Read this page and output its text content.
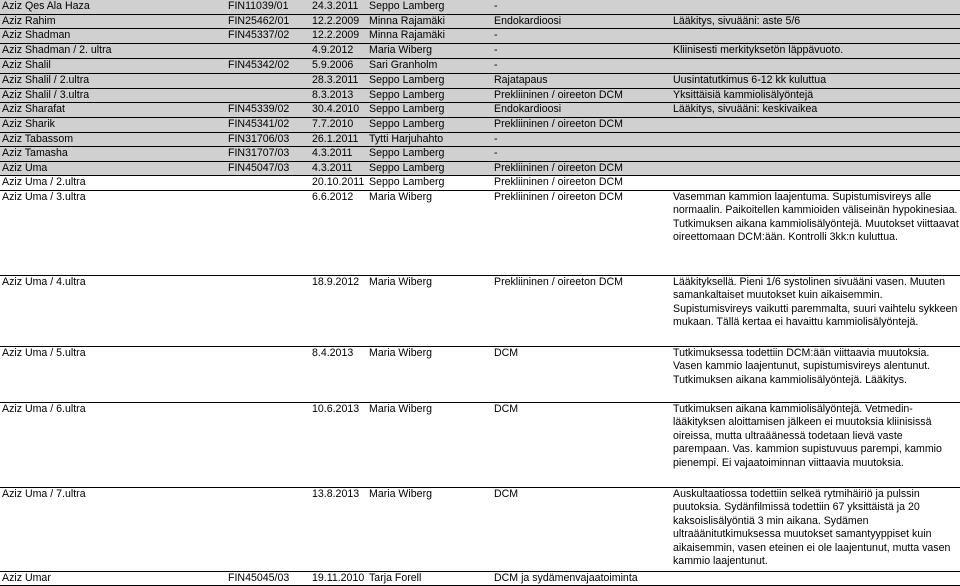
Aziz Qes Ala Haza	FIN11039/01	24.3.2011	Seppo Lamberg	-	
Aziz Rahim	FIN25462/01	12.2.2009	Minna Rajamäki	Endokardioosi	Lääkitys, sivuääni: aste 5/6
Aziz Shadman	FIN45337/02	12.2.2009	Minna Rajamäki	-	
Aziz Shadman / 2. ultra		4.9.2012	Maria Wiberg	-	Kliinisesti merkityksetön läppävuoto.
Aziz Shalil	FIN45342/02	5.9.2006	Sari Granholm	-	
Aziz Shalil / 2.ultra		28.3.2011	Seppo Lamberg	Rajatapaus	Uusintatutkimus 6-12 kk kuluttua
Aziz Shalil / 3.ultra		8.3.2013	Seppo Lamberg	Prekliininen / oireeton DCM	Yksittäisiä kammiolisälyöntejä
Aziz Sharafat	FIN45339/02	30.4.2010	Seppo Lamberg	Endokardioosi	Lääkitys, sivuääni: keskivaikea
Aziz Sharik	FIN45341/02	7.7.2010	Seppo Lamberg	Prekliininen / oireeton DCM	
Aziz Tabassom	FIN31706/03	26.1.2011	Tytti Harjuhahto	-	
Aziz Tamasha	FIN31707/03	4.3.2011	Seppo Lamberg	-	
Aziz Uma	FIN45047/03	4.3.2011	Seppo Lamberg	Prekliininen / oireeton DCM	
Aziz Uma / 2.ultra		20.10.2011	Seppo Lamberg	Prekliininen / oireeton DCM	
Aziz Uma / 3.ultra		6.6.2012	Maria Wiberg	Prekliininen / oireeton DCM	Vasemman kammion laajentuma. Supistumisvireys alle normaalin. Paikoitellen kammioiden väliseinän hypokinesiaa. Tutkimuksen aikana kammiolisälyöntejä. Muutokset viittaavat oireettomaan DCM:ään. Kontrolli 3kk:n kuluttua.
Aziz Uma / 4.ultra		18.9.2012	Maria Wiberg	Prekliininen / oireeton DCM	Lääkityksellä. Pieni 1/6 systolinen sivuääni vasen. Muuten samankaltaiset muutokset kuin aikaisemmin. Supistumisvireys vaikutti paremmalta, suuri vaihtelu sykkeen mukaan. Tällä kertaa ei havaittu kammiolisälyöntejä.
Aziz Uma / 5.ultra		8.4.2013	Maria Wiberg	DCM	Tutkimuksessa todettiin DCM:ään viittaavia muutoksia. Vasen kammio laajentunut, supistumisvireys alentunut. Tutkimuksen aikana kammiolisälyöntejä. Lääkitys.
Aziz Uma / 6.ultra		10.6.2013	Maria Wiberg	DCM	Tutkimuksen aikana kammiolisälyöntejä. Vetmedin-lääkityksen aloittamisen jälkeen ei muutoksia kliinisissä oireissa, mutta ultraäänessä todetaan lievä vaste parempaan. Vas. kammion supistuvuus parempi, kammio pienempi. Ei vajaatoiminnan viittaavia muutoksia.
Aziz Uma / 7.ultra		13.8.2013	Maria Wiberg	DCM	Auskultaatiossa todettiin selkeä rytmihäiriö ja pulssin puutoksia. Sydänfilmissä todettiin 67 yksittäistä ja 20 kaksoislisälyöntiä 3 min aikana. Sydämen ultraäänitutkimuksessa muutokset samantyyppiset kuin aikaisemmin, vasen eteinen ei ole laajentunut, mutta vasen kammio laajentunut.
Aziz Umar	FIN45045/03	19.11.2010	Tarja Forell	DCM ja sydämenvajaatoiminta	
